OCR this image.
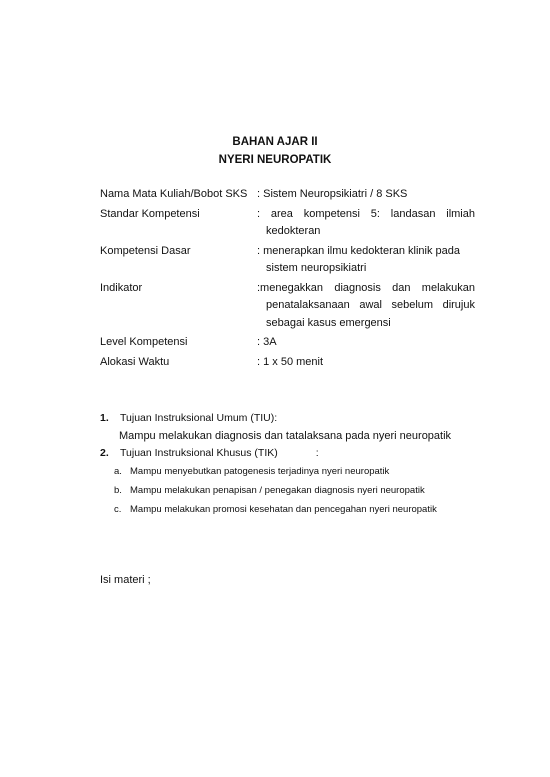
BAHAN AJAR II
NYERI NEUROPATIK
Nama Mata Kuliah/Bobot SKS : Sistem Neuropsikiatri / 8 SKS
Standar Kompetensi	: area kompetensi 5: landasan ilmiah
kedokteran
Kompetensi Dasar	: menerapkan ilmu kedokteran klinik pada
sistem neuropsikiatri
Indikator	:menegakkan diagnosis dan melakukan
penatalaksanaan awal sebelum dirujuk
sebagai kasus emergensi
Level Kompetensi	: 3A
Alokasi Waktu	: 1 x 50 menit
1.	Tujuan Instruksional Umum (TIU):
Mampu melakukan diagnosis dan tatalaksana pada nyeri neuropatik
2.	Tujuan Instruksional Khusus (TIK)	:
a. Mampu menyebutkan patogenesis terjadinya nyeri neuropatik
b. Mampu melakukan penapisan / penegakan diagnosis nyeri neuropatik
c. Mampu melakukan promosi kesehatan dan pencegahan nyeri neuropatik
Isi materi ;
